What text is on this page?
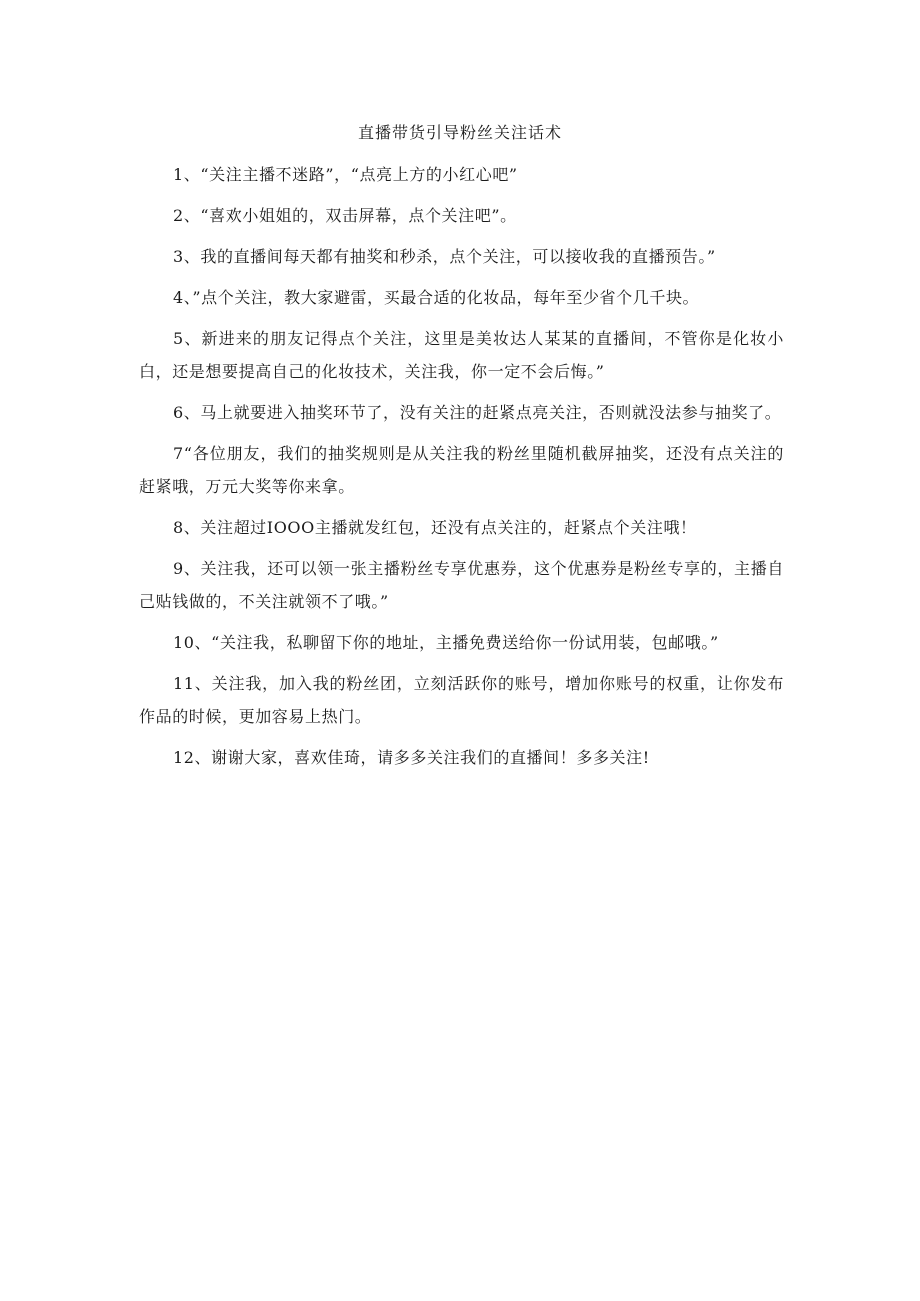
直播带货引导粉丝关注话术

1、“关注主播不迷路”，“点亮上方的小红心吧”

2、“喜欢小姐姐的，双击屏幕，点个关注吧”。

3、我的直播间每天都有抽奖和秒杀，点个关注，可以接收我的直播预告。”

4、”点个关注，教大家避雷，买最合适的化妆品，每年至少省个几千块。

5、新进来的朋友记得点个关注，这里是美妆达人某某的直播间，不管你是化妆小白，还是想要提高自己的化妆技术，关注我，你一定不会后悔。”

6、马上就要进入抽奖环节了，没有关注的赶紧点亮关注，否则就没法参与抽奖了。

7“各位朋友，我们的抽奖规则是从关注我的粉丝里随机截屏抽奖，还没有点关注的赶紧哦，万元大奖等你来拿。

8、关注超过IOOO主播就发红包，还没有点关注的，赶紧点个关注哦！

9、关注我，还可以领一张主播粉丝专享优惠券，这个优惠券是粉丝专享的，主播自己贴钱做的，不关注就领不了哦。”

10、“关注我，私聊留下你的地址，主播免费送给你一份试用装，包邮哦。”

11、关注我，加入我的粉丝团，立刻活跃你的账号，增加你账号的权重，让你发布作品的时候，更加容易上热门。

12、谢谢大家，喜欢佳琦，请多多关注我们的直播间！多多关注!
